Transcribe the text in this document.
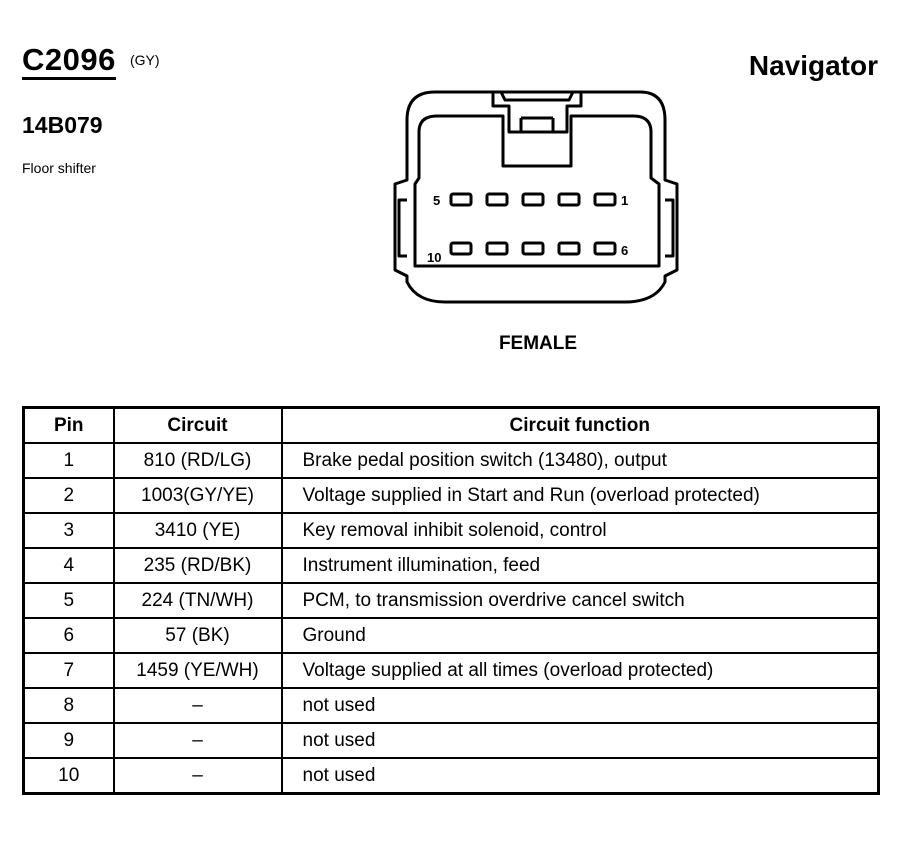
C2096 (GY)	Navigator
14B079
Floor shifter
5	1
10	6
FEMALE
Pin	Circuit	Circuit function
1	810 (RD/LG)	Brake pedal position switch (13480), output
2	1003(GY/YE)	Voltage supplied in Start and Run (overload protected)
3	3410 (YE)	Key removal inhibit solenoid, control
4	235 (RD/BK)	Instrument illumination, feed
5	224 (TN/WH)	PCM, to transmission overdrive cancel switch
6	57 (BK)	Ground
7	1459 (YE/WH)	Voltage supplied at all times (overload protected)
8	–	not used
9	–	not used
10	–	not used
